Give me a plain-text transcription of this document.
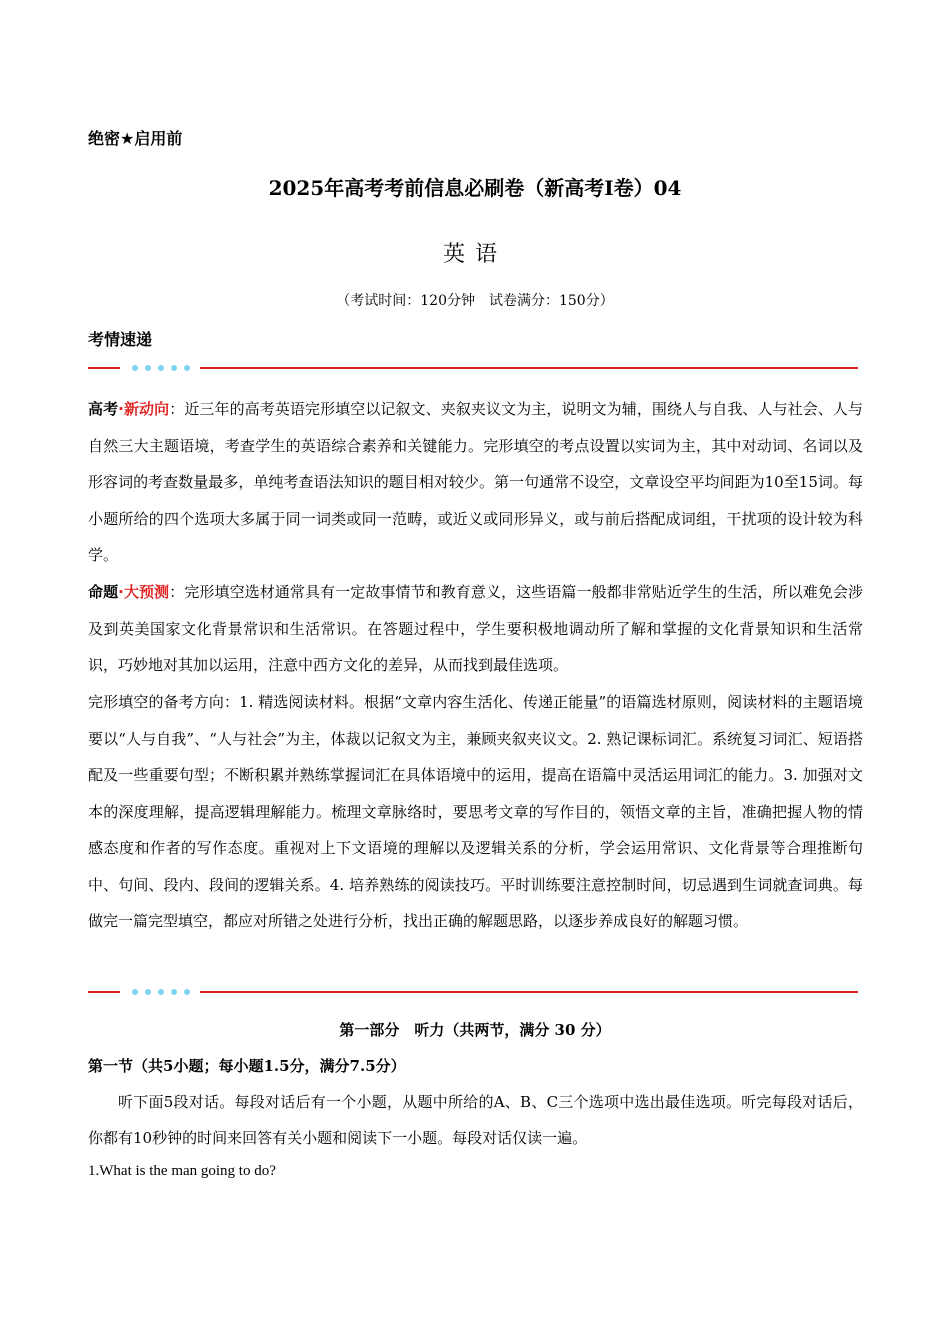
绝密★启用前
2025年高考考前信息必刷卷（新高考I卷）04
英语
（考试时间：120分钟　试卷满分：150分）
考情速递
高考·新动向：近三年的高考英语完形填空以记叙文、夹叙夹议文为主，说明文为辅，围绕人与自我、人与社会、人与自然三大主题语境，考查学生的英语综合素养和关键能力。完形填空的考点设置以实词为主，其中对动词、名词以及形容词的考查数量最多，单纯考查语法知识的题目相对较少。第一句通常不设空，文章设空平均间距为10至15词。每小题所给的四个选项大多属于同一词类或同一范畴，或近义或同形异义，或与前后搭配成词组，干扰项的设计较为科学。
命题·大预测：完形填空选材通常具有一定故事情节和教育意义，这些语篇一般都非常贴近学生的生活，所以难免会涉及到英美国家文化背景常识和生活常识。在答题过程中，学生要积极地调动所了解和掌握的文化背景知识和生活常识，巧妙地对其加以运用，注意中西方文化的差异，从而找到最佳选项。
完形填空的备考方向：1. 精选阅读材料。根据“文章内容生活化、传递正能量”的语篇选材原则，阅读材料的主题语境要以“人与自我”、“人与社会”为主，体裁以记叙文为主，兼顾夹叙夹议文。2. 熟记课标词汇。系统复习词汇、短语搭配及一些重要句型；不断积累并熟练掌握词汇在具体语境中的运用，提高在语篇中灵活运用词汇的能力。3. 加强对文本的深度理解，提高逻辑理解能力。梳理文章脉络时，要思考文章的写作目的，领悟文章的主旨，准确把握人物的情感态度和作者的写作态度。重视对上下文语境的理解以及逻辑关系的分析，学会运用常识、文化背景等合理推断句中、句间、段内、段间的逻辑关系。4. 培养熟练的阅读技巧。平时训练要注意控制时间，切忌遇到生词就查词典。每做完一篇完型填空，都应对所错之处进行分析，找出正确的解题思路，以逐步养成良好的解题习惯。
第一部分　听力（共两节，满分 30 分）
第一节（共5小题；每小题1.5分，满分7.5分）
听下面5段对话。每段对话后有一个小题，从题中所给的A、B、C三个选项中选出最佳选项。听完每段对话后，你都有10秒钟的时间来回答有关小题和阅读下一小题。每段对话仅读一遍。
1.What is the man going to do?
